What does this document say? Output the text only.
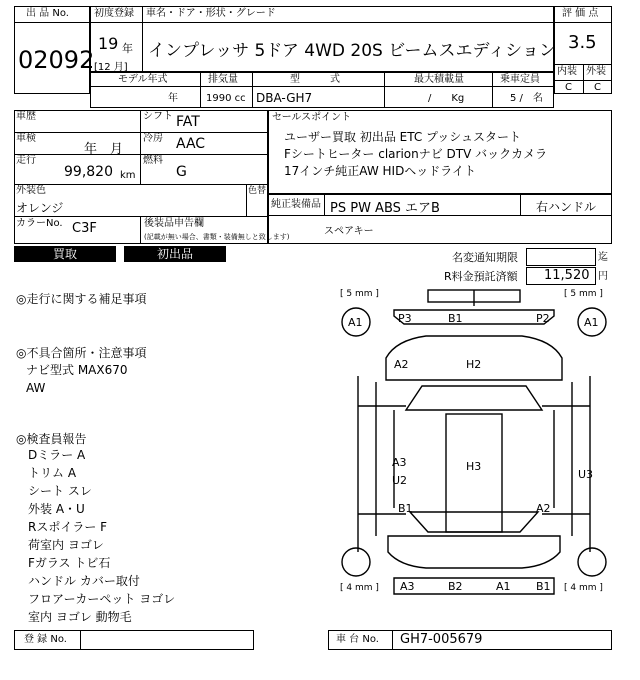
出 品 No.
02092
初度登録 車名・ドア・形状・グレード
19 年
[12 月]
インプレッサ 5ドア 4WD 20S ビームスエディション
評 価 点
3.5
内装 外装
C C
モデル年式	排気量	型　　　式	最大積載量	乗車定員
年	1990 cc DBA-GH7	/　　Kg	5 /　名
車歴	シフト FAT
車検
年　月
冷房 AAC
走行
99,820 km
燃料
G
外装色
オレンジ
色替
カラーNo. C3F	後装品申告欄
(記載が無い場合、書類・装備無しと致します)	スペアキー
セールスポイント
ユーザー買取 初出品 ETC プッシュスタート
Fシートヒーター clarionナビ DTV バックカメラ
17インチ純正AW HIDヘッドライト
純正装備品 PS PW ABS エアB	右ハンドル
買取	初出品	名変通知期限	迄
R料金預託済額 11,520 円
◎走行に関する補足事項
◎不具合箇所・注意事項
ナビ型式 MAX670
AW
◎検査員報告
Dミラー A
トリム A
シート スレ
外装 A・U
Rスポイラー F
荷室内 ヨゴレ
Fガラス トビ石
ハンドル カバー取付
フロアーカーペット ヨゴレ
室内 ヨゴレ 動物毛
[ 5 mm ]	[ 5 mm ]
[ 4 mm ]	[ 4 mm ]
A1	A1
P3	B1	P2
A2	H2
A3
U2
H3
U3
B1	A2
A3	B2	A1 B1
登 録 No.	車 台 No. GH7-005679
